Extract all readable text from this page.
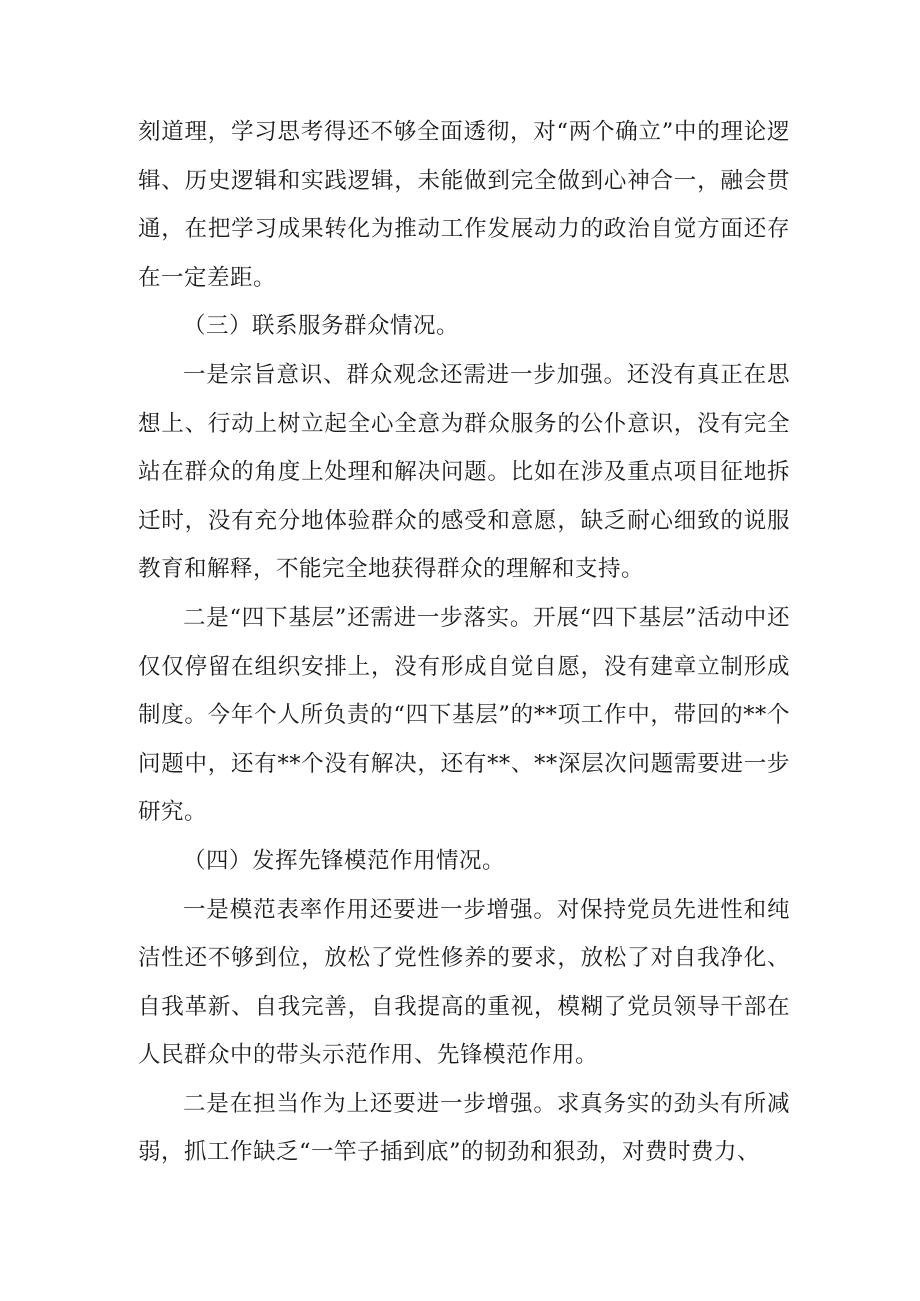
刻道理，学习思考得还不够全面透彻，对“两个确立”中的理论逻辑、历史逻辑和实践逻辑，未能做到完全做到心神合一，融会贯通，在把学习成果转化为推动工作发展动力的政治自觉方面还存在一定差距。

（三）联系服务群众情况。

一是宗旨意识、群众观念还需进一步加强。还没有真正在思想上、行动上树立起全心全意为群众服务的公仆意识，没有完全站在群众的角度上处理和解决问题。比如在涉及重点项目征地拆迁时，没有充分地体验群众的感受和意愿，缺乏耐心细致的说服教育和解释，不能完全地获得群众的理解和支持。

二是“四下基层”还需进一步落实。开展“四下基层”活动中还仅仅停留在组织安排上，没有形成自觉自愿，没有建章立制形成制度。今年个人所负责的“四下基层”的**项工作中，带回的**个问题中，还有**个没有解决，还有**、**深层次问题需要进一步研究。

（四）发挥先锋模范作用情况。

一是模范表率作用还要进一步增强。对保持党员先进性和纯洁性还不够到位，放松了党性修养的要求，放松了对自我净化、自我革新、自我完善，自我提高的重视，模糊了党员领导干部在人民群众中的带头示范作用、先锋模范作用。

二是在担当作为上还要进一步增强。求真务实的劲头有所减弱，抓工作缺乏“一竿子插到底”的韧劲和狠劲，对费时费力、
